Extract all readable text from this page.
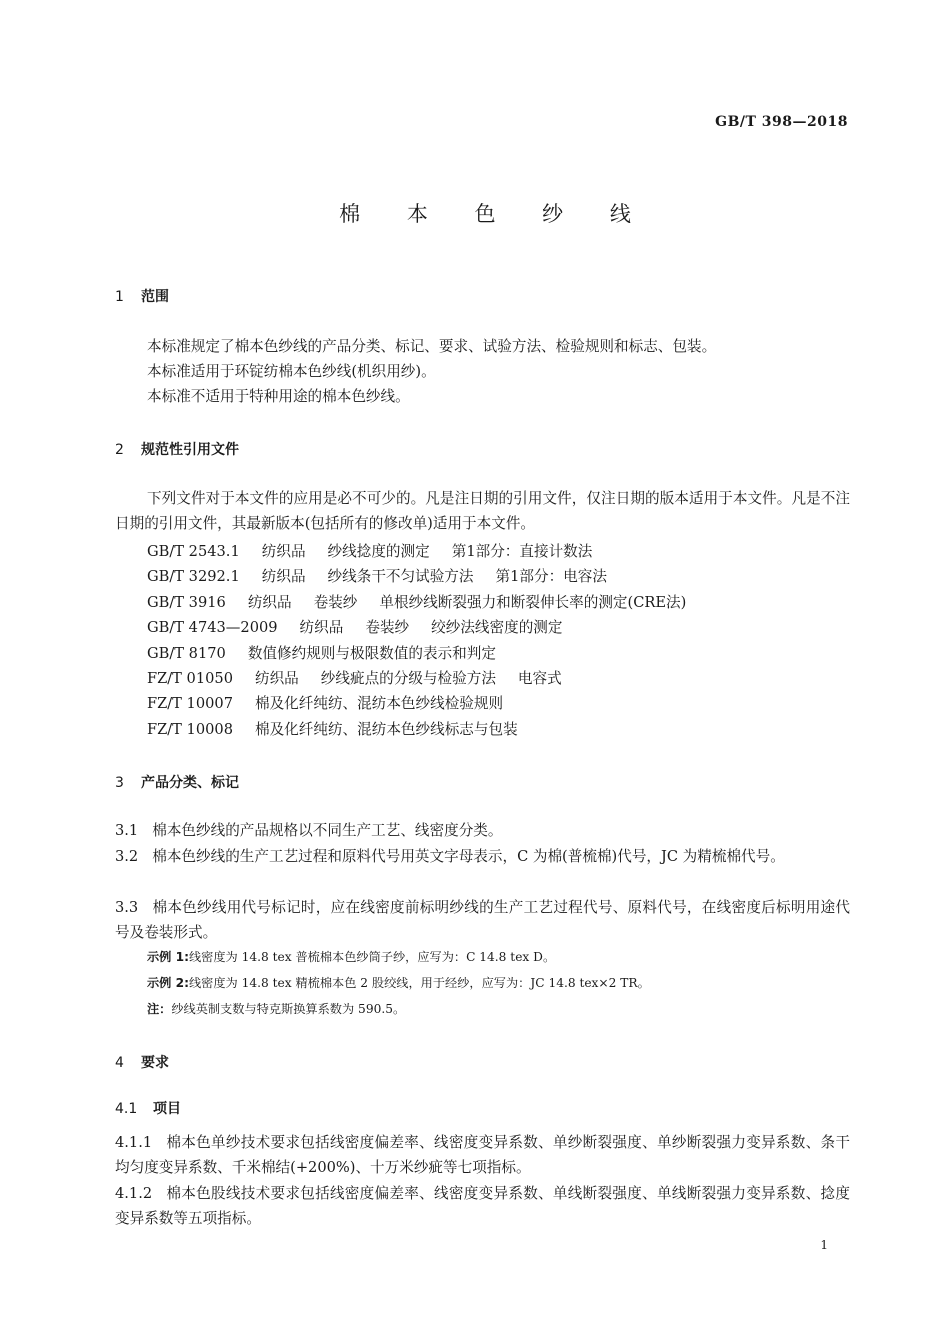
GB/T 398—2018
棉 本 色 纱 线
1 范围
本标准规定了棉本色纱线的产品分类、标记、要求、试验方法、检验规则和标志、包装。
本标准适用于环锭纺棉本色纱线(机织用纱)。
本标准不适用于特种用途的棉本色纱线。
2 规范性引用文件
下列文件对于本文件的应用是必不可少的。凡是注日期的引用文件，仅注日期的版本适用于本文件。凡是不注日期的引用文件，其最新版本(包括所有的修改单)适用于本文件。
GB/T 2543.1 纺织品 纱线捻度的测定 第1部分：直接计数法
GB/T 3292.1 纺织品 纱线条干不匀试验方法 第1部分：电容法
GB/T 3916 纺织品 卷装纱 单根纱线断裂强力和断裂伸长率的测定(CRE法)
GB/T 4743—2009 纺织品 卷装纱 绞纱法线密度的测定
GB/T 8170 数值修约规则与极限数值的表示和判定
FZ/T 01050 纺织品 纱线疵点的分级与检验方法 电容式
FZ/T 10007 棉及化纤纯纺、混纺本色纱线检验规则
FZ/T 10008 棉及化纤纯纺、混纺本色纱线标志与包装
3 产品分类、标记
3.1 棉本色纱线的产品规格以不同生产工艺、线密度分类。
3.2 棉本色纱线的生产工艺过程和原料代号用英文字母表示，C 为棉(普梳棉)代号，JC 为精梳棉代号。
3.3 棉本色纱线用代号标记时，应在线密度前标明纱线的生产工艺过程代号、原料代号，在线密度后标明用途代号及卷装形式。
示例 1:线密度为 14.8 tex 普梳棉本色纱筒子纱，应写为：C 14.8 tex D。
示例 2:线密度为 14.8 tex 精梳棉本色 2 股绞线，用于经纱，应写为：JC 14.8 tex×2 TR。
注：纱线英制支数与特克斯换算系数为 590.5。
4 要求
4.1 项目
4.1.1 棉本色单纱技术要求包括线密度偏差率、线密度变异系数、单纱断裂强度、单纱断裂强力变异系数、条干均匀度变异系数、千米棉结(+200%)、十万米纱疵等七项指标。
4.1.2 棉本色股线技术要求包括线密度偏差率、线密度变异系数、单线断裂强度、单线断裂强力变异系数、捻度变异系数等五项指标。
1
